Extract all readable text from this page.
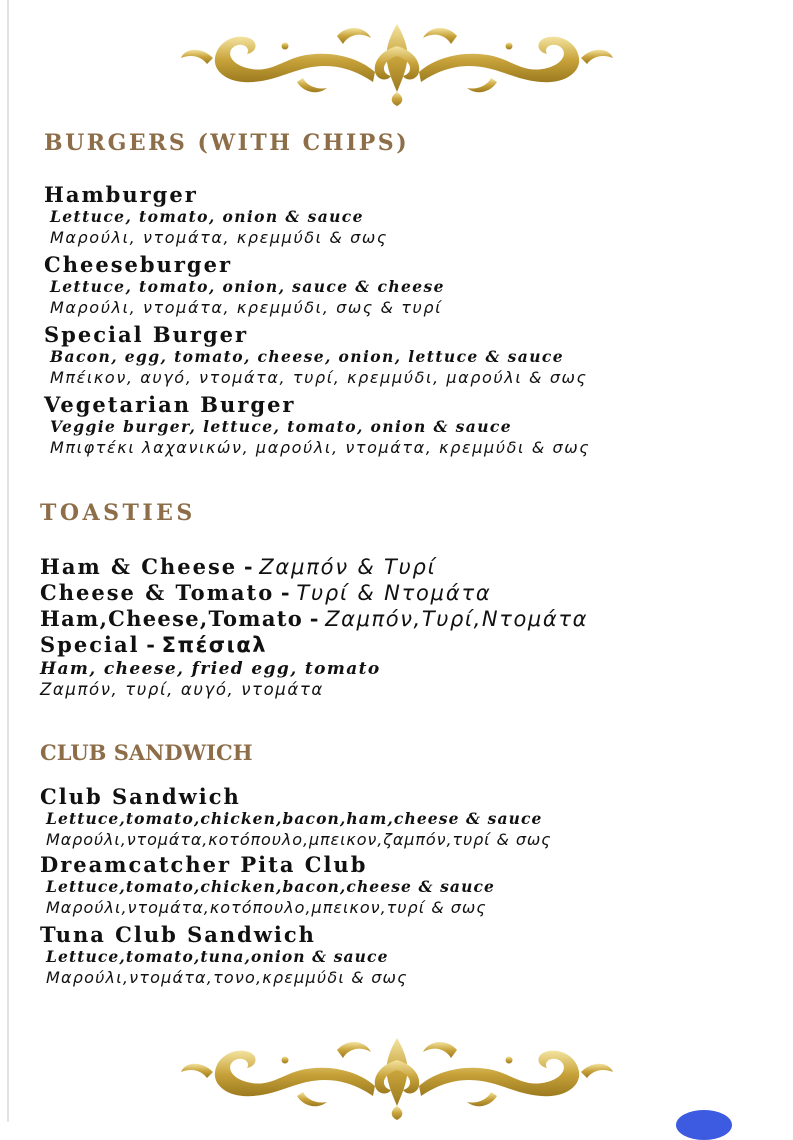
BURGERS (WITH CHIPS)
Hamburger
Lettuce, tomato, onion & sauce
Μαρούλι, ντομάτα, κρεμμύδι & σως
Cheeseburger
Lettuce, tomato, onion, sauce & cheese
Μαρούλι, ντομάτα, κρεμμύδι, σως & τυρί
Special Burger
Bacon, egg, tomato, cheese, onion, lettuce & sauce
Μπέικον, αυγό, ντομάτα, τυρί, κρεμμύδι, μαρούλι & σως
Vegetarian Burger
Veggie burger, lettuce, tomato, onion & sauce
Μπιφτέκι λαχανικών, μαρούλι, ντομάτα, κρεμμύδι & σως
TOASTIES
Ham & Cheese - Ζαμπόν & Τυρί
Cheese & Tomato - Τυρί & Ντομάτα
Ham,Cheese,Tomato - Ζαμπόν,Τυρί,Ντομάτα
Special - Σπέσιαλ
Ham, cheese, fried egg, tomato
Ζαμπόν, τυρί, αυγό, ντομάτα
CLUB SANDWICH
Club Sandwich
Lettuce,tomato,chicken,bacon,ham,cheese & sauce
Μαρούλι,ντομάτα,κοτόπουλο,μπεικον,ζαμπόν,τυρί & σως
Dreamcatcher Pita Club
Lettuce,tomato,chicken,bacon,cheese & sauce
Μαρούλι,ντομάτα,κοτόπουλο,μπεικον,τυρί & σως
Tuna Club Sandwich
Lettuce,tomato,tuna,onion & sauce
Μαρούλι,ντομάτα,τονο,κρεμμύδι & σως
